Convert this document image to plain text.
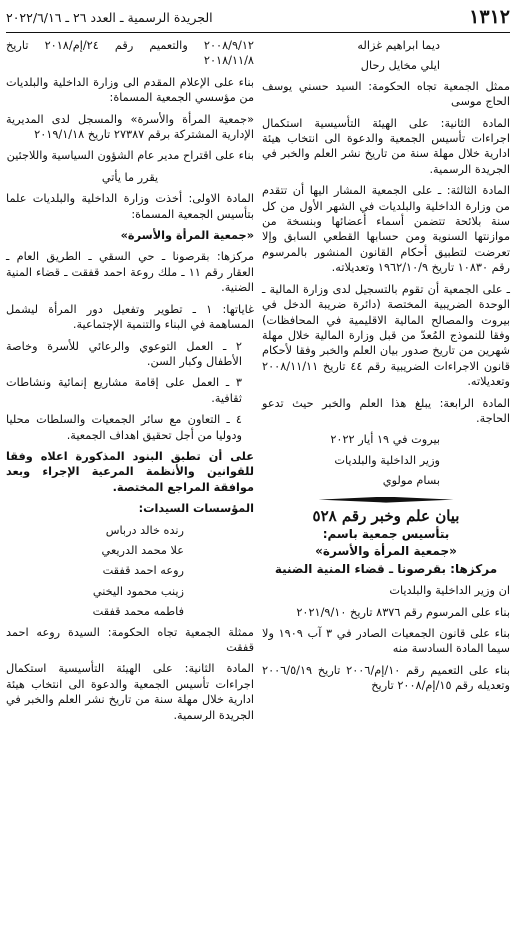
١٣١٢
الجريدة الرسمية ـ العدد ٢٦ ـ ٢٠٢٢/٦/١٦

ديما ابراهيم غزاله

ايلي مخايل رحال

ممثل الجمعية تجاه الحكومة: السيد حسني يوسف الحاج موسى

المادة الثانية: على الهيئة التأسيسية استكمال اجراءات تأسيس الجمعية والدعوة الى انتخاب هيئة ادارية خلال مهلة سنة من تاريخ نشر العلم والخبر في الجريدة الرسمية.

المادة الثالثة: ـ على الجمعية المشار اليها أن تتقدم من وزارة الداخلية والبلديات في الشهر الأول من كل سنة بلائحة تتضمن أسماء أعضائها وبنسخة من موازنتها السنوية ومن حسابها القطعي السابق وإلا تعرضت لتطبيق أحكام القانون المنشور بالمرسوم رقم ١٠٨٣٠ تاريخ ١٩٦٢/١٠/٩ وتعديلاته.

ـ على الجمعية أن تقوم بالتسجيل لدى وزارة المالية ـ الوحدة الضريبية المختصة (دائرة ضريبة الدخل في بيروت والمصالح المالية الاقليمية في المحافظات) وفقا للنموذج المُعدّ من قبل وزارة المالية خلال مهلة شهرين من تاريخ صدور بيان العلم والخبر وفقا لأحكام قانون الاجراءات الضريبية رقم ٤٤ تاريخ ٢٠٠٨/١١/١١ وتعديلاته.

المادة الرابعة: يبلغ هذا العلم والخبر حيث تدعو الحاجة.

بيروت في ١٩ أيار ٢٠٢٢

وزير الداخلية والبلديات

بسام مولوي

بيان علم وخبر رقم ٥٢٨
بتأسيس جمعية باسم:
«جمعية المرأة والأسرة»
مركزها: بقرصونا ـ قضاء المنية الضنية

ان وزير الداخلية والبلديات

بناء على المرسوم رقم ٨٣٧٦ تاريخ ٢٠٢١/٩/١٠

بناء على قانون الجمعيات الصادر في ٣ آب ١٩٠٩ ولا سيما المادة السادسة منه

بناء على التعميم رقم ١٠/إم/٢٠٠٦ تاريخ ٢٠٠٦/٥/١٩ وتعديله رقم ١٥/إم/٢٠٠٨ تاريخ

٢٠٠٨/٩/١٢ والتعميم رقم ٢٤/إم/٢٠١٨ تاريخ ٢٠١٨/١١/٨

بناء على الإعلام المقدم الى وزارة الداخلية والبلديات من مؤسسي الجمعية المسماة:

«جمعية المرأة والأسرة» والمسجل لدى المديرية الإدارية المشتركة برقم ٢٧٣٨٧ تاريخ ٢٠١٩/١/١٨

بناء على اقتراح مدير عام الشؤون السياسية واللاجئين

يقرر ما يأتي

المادة الاولى: أخذت وزارة الداخلية والبلديات علما بتأسيس الجمعية المسماة:

«جمعية المرأة والأسرة»

مركزها: بقرصونا ـ حي السقي ـ الطريق العام ـ العقار رقم ١١ ـ ملك روعة احمد قفقت ـ قضاء المنية الضنية.

غاياتها: ١ ـ تطوير وتفعيل دور المرأة ليشمل المساهمة في البناء والتنمية الإجتماعية.

٢ ـ العمل التوعوي والرعائي للأسرة وخاصة الأطفال وكبار السن.

٣ ـ العمل على إقامة مشاريع إنمائية ونشاطات ثقافية.

٤ ـ التعاون مع سائر الجمعيات والسلطات محليا ودوليا من أجل تحقيق اهداف الجمعية.

على أن تطبق البنود المذكورة اعلاه وفقا للقوانين والأنظمة المرعية الإجراء وبعد موافقة المراجع المختصة.

المؤسسات السيدات:

رنده خالد درباس

علا محمد الدريعي

روعه احمد قفقت

زينب محمود اليخني

فاطمه محمد قفقت

ممثلة الجمعية تجاه الحكومة: السيدة روعه احمد قفقت

المادة الثانية: على الهيئة التأسيسية استكمال اجراءات تأسيس الجمعية والدعوة الى انتخاب هيئة ادارية خلال مهلة سنة من تاريخ نشر العلم والخبر في الجريدة الرسمية.
